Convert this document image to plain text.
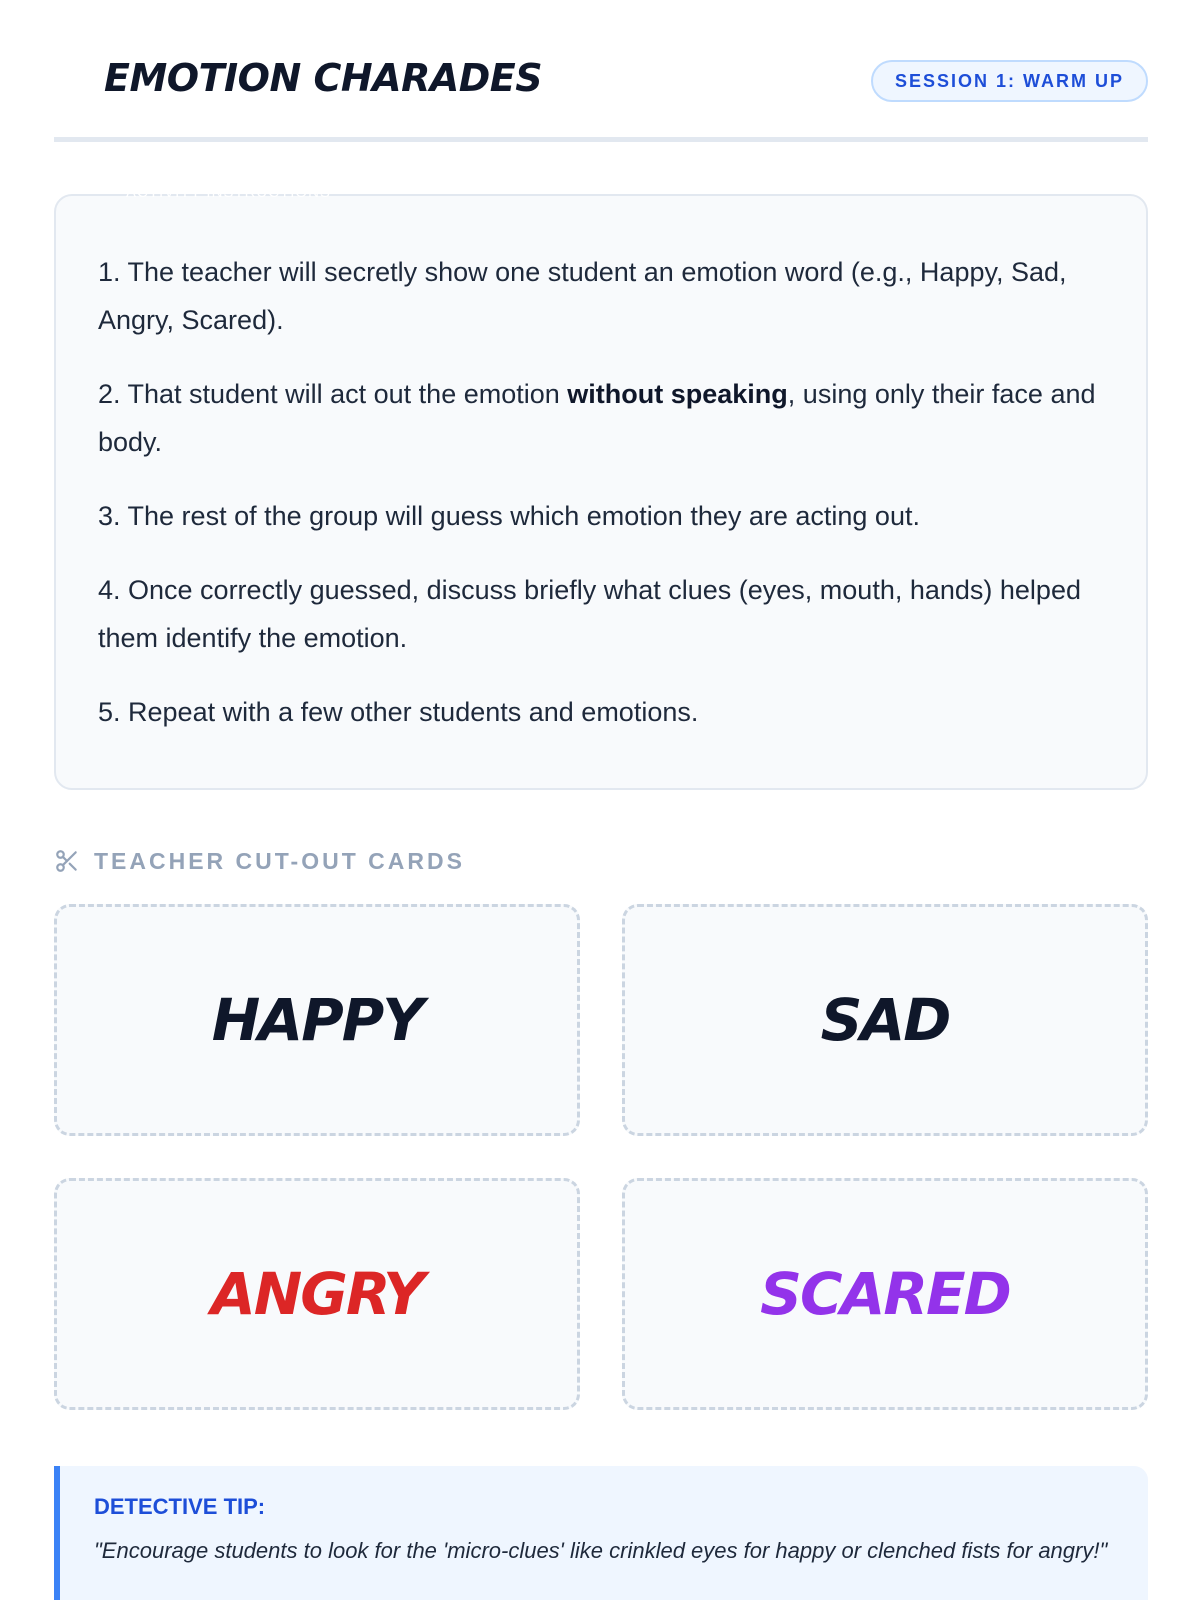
EMOTION CHARADES	SESSION 1: WARM UP
ACTIVITY INSTRUCTIONS

1. The teacher will secretly show one student an emotion word (e.g., Happy, Sad, Angry, Scared).

2. That student will act out the emotion without speaking, using only their face and body.

3. The rest of the group will guess which emotion they are acting out.

4. Once correctly guessed, discuss briefly what clues (eyes, mouth, hands) helped them identify the emotion.

5. Repeat with a few other students and emotions.

TEACHER CUT-OUT CARDS
HAPPY	SAD
ANGRY	SCARED
DETECTIVE TIP:
"Encourage students to look for the 'micro-clues' like crinkled eyes for happy or clenched fists for angry!"
